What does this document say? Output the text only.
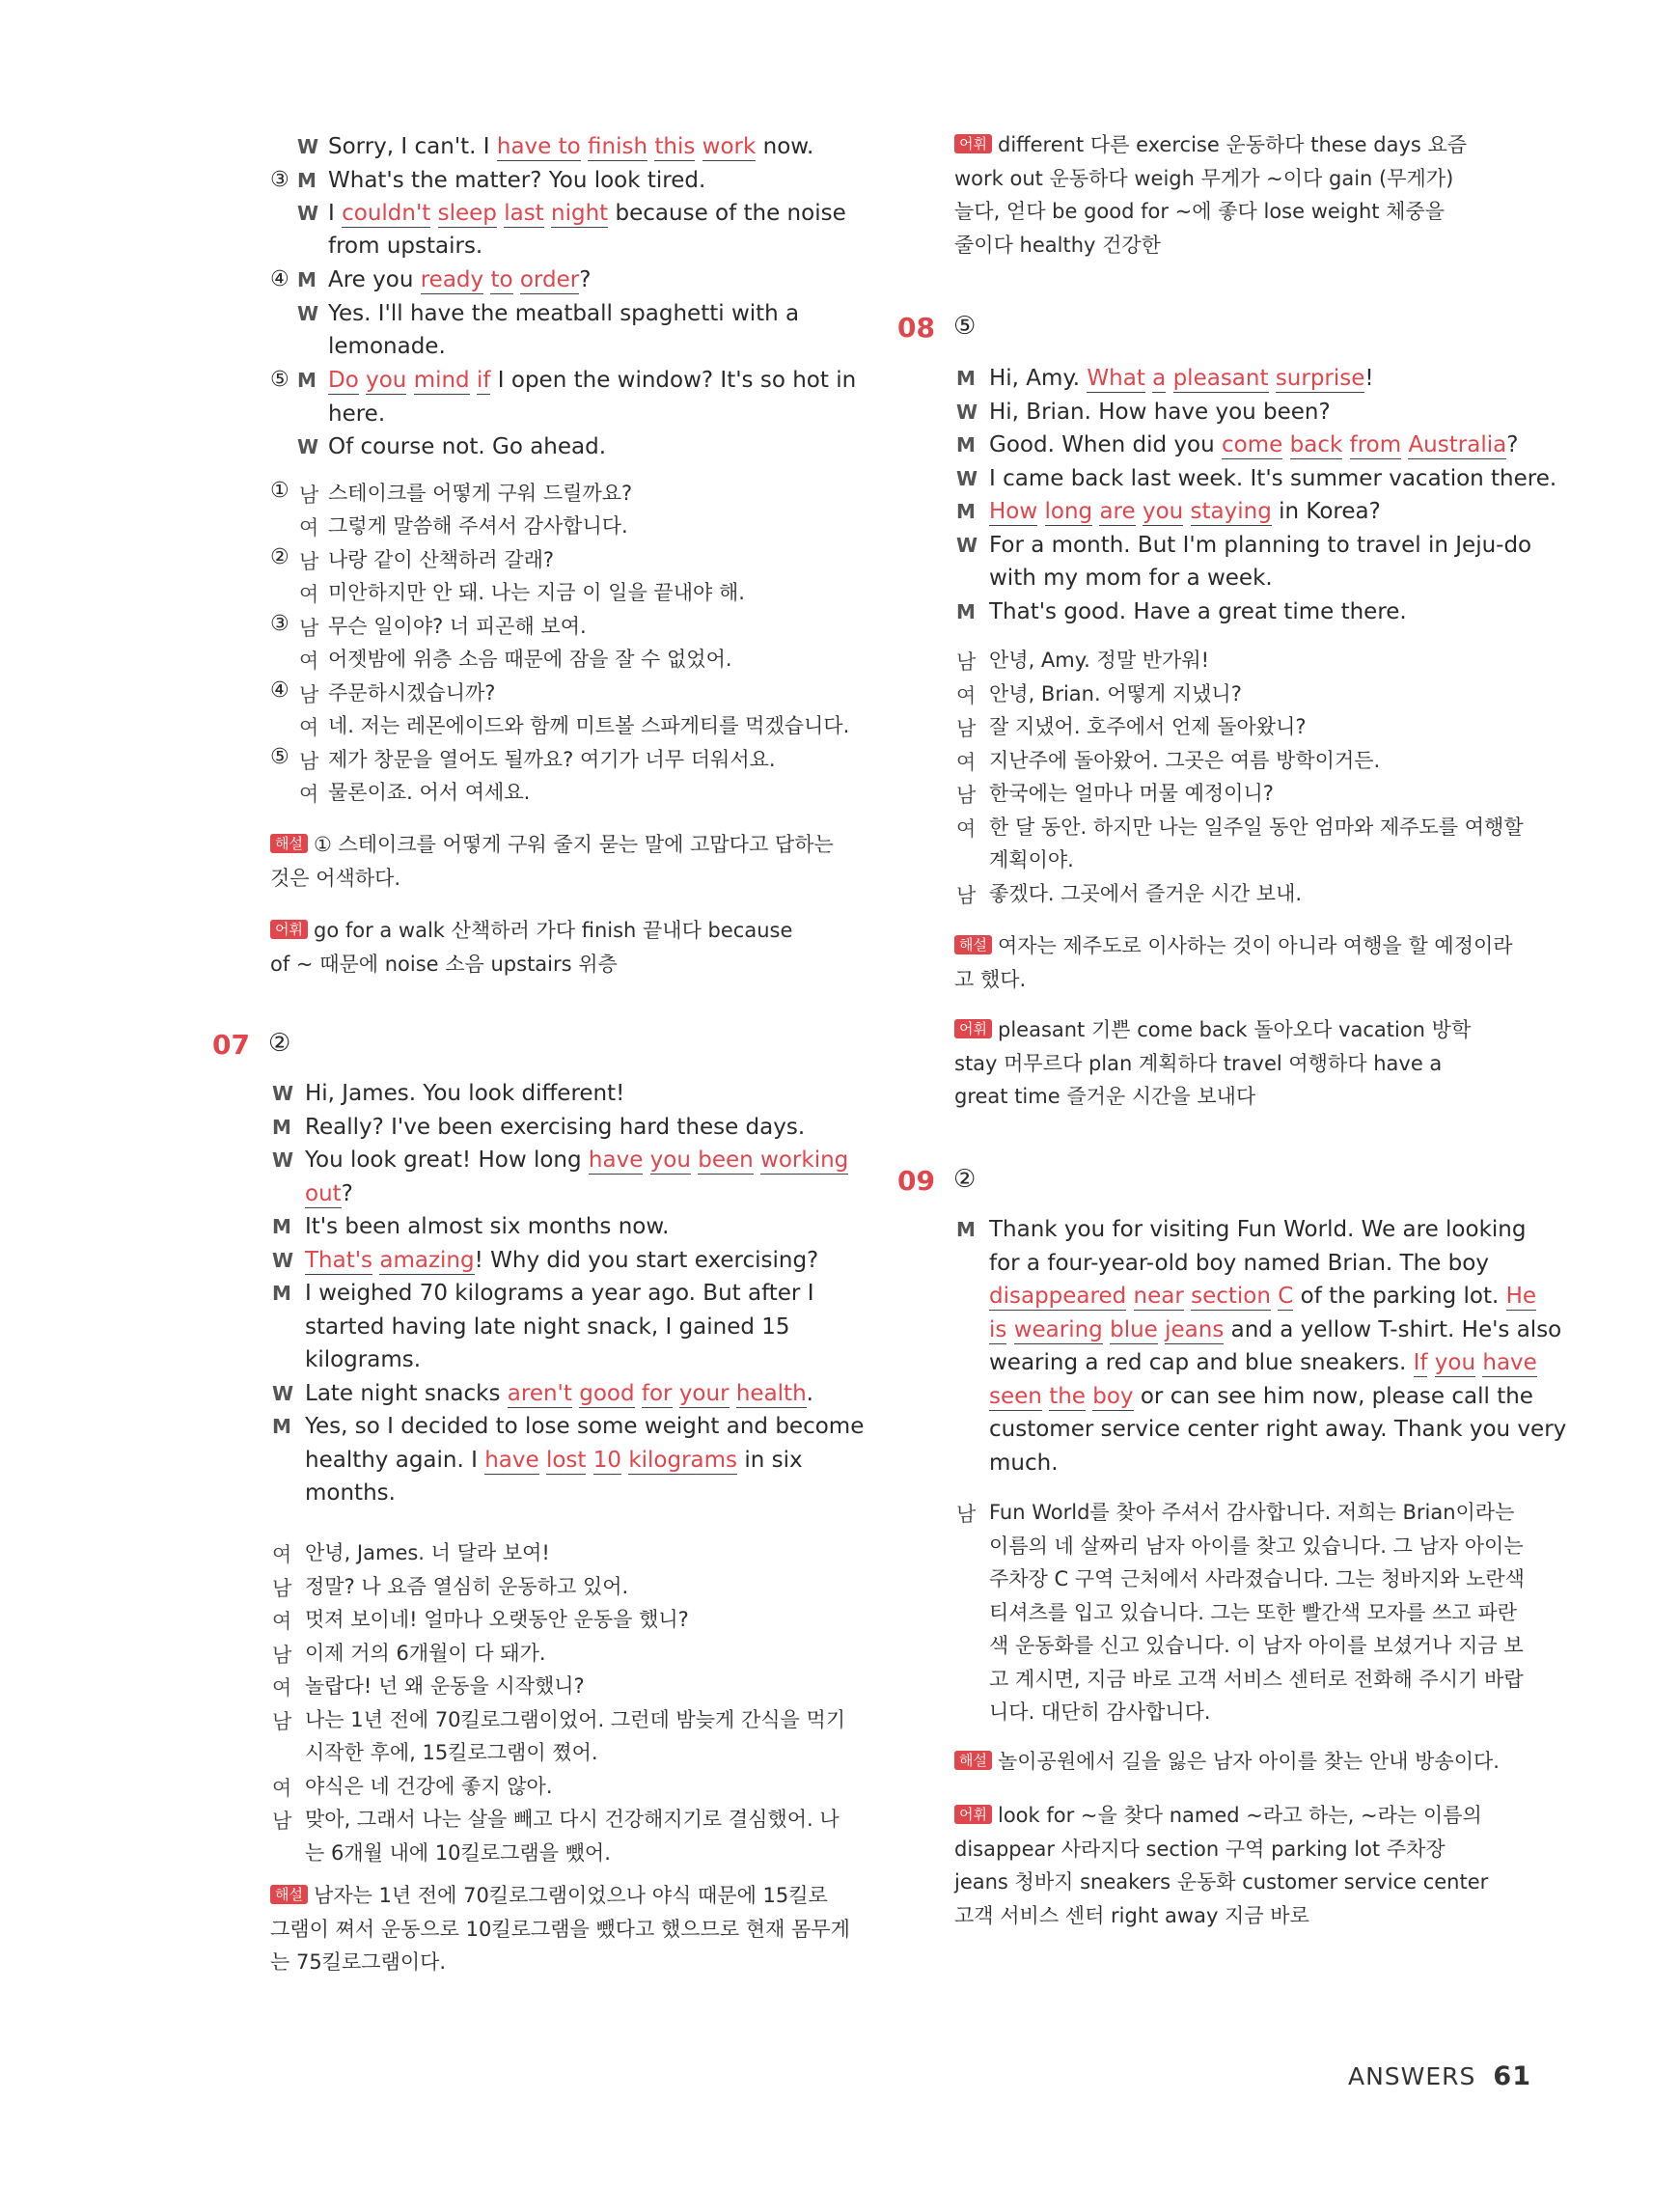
W Sorry, I can't. I have to finish this work now.
③ M What's the matter? You look tired.
W I couldn't sleep last night because of the noise
from upstairs.
④ M Are you ready to order?
W Yes. I'll have the meatball spaghetti with a
lemonade.
⑤ M Do you mind if I open the window? It's so hot in
here.
W Of course not. Go ahead.
① 남 스테이크를 어떻게 구워 드릴까요?
여 그렇게 말씀해 주셔서 감사합니다.
② 남 나랑 같이 산책하러 갈래?
여 미안하지만 안 돼. 나는 지금 이 일을 끝내야 해.
③ 남 무슨 일이야? 너 피곤해 보여.
여 어젯밤에 위층 소음 때문에 잠을 잘 수 없었어.
④ 남 주문하시겠습니까?
여 네. 저는 레몬에이드와 함께 미트볼 스파게티를 먹겠습니다.
⑤ 남 제가 창문을 열어도 될까요? 여기가 너무 더워서요.
여 물론이죠. 어서 여세요.
해설 ① 스테이크를 어떻게 구워 줄지 묻는 말에 고맙다고 답하는
것은 어색하다.
어휘 go for a walk 산책하러 가다 finish 끝내다 because
of ~ 때문에 noise 소음 upstairs 위층
07 ②
W Hi, James. You look different!
M Really? I've been exercising hard these days.
W You look great! How long have you been working
out?
M It's been almost six months now.
W That's amazing! Why did you start exercising?
M I weighed 70 kilograms a year ago. But after I
started having late night snack, I gained 15
kilograms.
W Late night snacks aren't good for your health.
M Yes, so I decided to lose some weight and become
healthy again. I have lost 10 kilograms in six
months.
여 안녕, James. 너 달라 보여!
남 정말? 나 요즘 열심히 운동하고 있어.
여 멋져 보이네! 얼마나 오랫동안 운동을 했니?
남 이제 거의 6개월이 다 돼가.
여 놀랍다! 넌 왜 운동을 시작했니?
남 나는 1년 전에 70킬로그램이었어. 그런데 밤늦게 간식을 먹기
시작한 후에, 15킬로그램이 쪘어.
여 야식은 네 건강에 좋지 않아.
남 맞아, 그래서 나는 살을 빼고 다시 건강해지기로 결심했어. 나
는 6개월 내에 10킬로그램을 뺐어.
해설 남자는 1년 전에 70킬로그램이었으나 야식 때문에 15킬로
그램이 쪄서 운동으로 10킬로그램을 뺐다고 했으므로 현재 몸무게
는 75킬로그램이다.
어휘 different 다른 exercise 운동하다 these days 요즘
work out 운동하다 weigh 무게가 ~이다 gain (무게가)
늘다, 얻다 be good for ~에 좋다 lose weight 체중을
줄이다 healthy 건강한
08 ⑤
M Hi, Amy. What a pleasant surprise!
W Hi, Brian. How have you been?
M Good. When did you come back from Australia?
W I came back last week. It's summer vacation there.
M How long are you staying in Korea?
W For a month. But I'm planning to travel in Jeju-do
with my mom for a week.
M That's good. Have a great time there.
남 안녕, Amy. 정말 반가워!
여 안녕, Brian. 어떻게 지냈니?
남 잘 지냈어. 호주에서 언제 돌아왔니?
여 지난주에 돌아왔어. 그곳은 여름 방학이거든.
남 한국에는 얼마나 머물 예정이니?
여 한 달 동안. 하지만 나는 일주일 동안 엄마와 제주도를 여행할
계획이야.
남 좋겠다. 그곳에서 즐거운 시간 보내.
해설 여자는 제주도로 이사하는 것이 아니라 여행을 할 예정이라
고 했다.
어휘 pleasant 기쁜 come back 돌아오다 vacation 방학
stay 머무르다 plan 계획하다 travel 여행하다 have a
great time 즐거운 시간을 보내다
09 ②
M Thank you for visiting Fun World. We are looking
for a four-year-old boy named Brian. The boy
disappeared near section C of the parking lot. He
is wearing blue jeans and a yellow T-shirt. He's also
wearing a red cap and blue sneakers. If you have
seen the boy or can see him now, please call the
customer service center right away. Thank you very
much.
남 Fun World를 찾아 주셔서 감사합니다. 저희는 Brian이라는
이름의 네 살짜리 남자 아이를 찾고 있습니다. 그 남자 아이는
주차장 C 구역 근처에서 사라졌습니다. 그는 청바지와 노란색
티셔츠를 입고 있습니다. 그는 또한 빨간색 모자를 쓰고 파란
색 운동화를 신고 있습니다. 이 남자 아이를 보셨거나 지금 보
고 계시면, 지금 바로 고객 서비스 센터로 전화해 주시기 바랍
니다. 대단히 감사합니다.
해설 놀이공원에서 길을 잃은 남자 아이를 찾는 안내 방송이다.
어휘 look for ~을 찾다 named ~라고 하는, ~라는 이름의
disappear 사라지다 section 구역 parking lot 주차장
jeans 청바지 sneakers 운동화 customer service center
고객 서비스 센터 right away 지금 바로
ANSWERS 61
